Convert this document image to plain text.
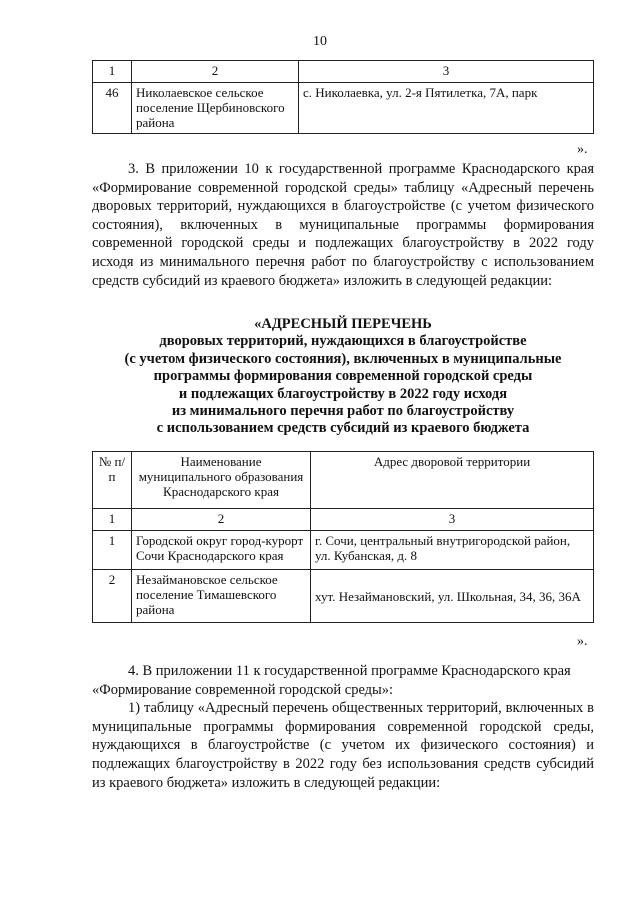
10
1	2	3
46	Николаевское сельское поселение Щербиновского района	с. Николаевка, ул. 2-я Пятилетка, 7А, парк
».
3. В приложении 10 к государственной программе Краснодарского края «Формирование современной городской среды» таблицу «Адресный перечень дворовых территорий, нуждающихся в благоустройстве (с учетом физического состояния), включенных в муниципальные программы формирования современной городской среды и подлежащих благоустройству в 2022 году исходя из минимального перечня работ по благоустройству с использованием средств субсидий из краевого бюджета» изложить в следующей редакции:
«АДРЕСНЫЙ ПЕРЕЧЕНЬ
дворовых территорий, нуждающихся в благоустройстве
(с учетом физического состояния), включенных в муниципальные
программы формирования современной городской среды
и подлежащих благоустройству в 2022 году исходя
из минимального перечня работ по благоустройству
с использованием средств субсидий из краевого бюджета
№ п/п	Наименование муниципального образования Краснодарского края	Адрес дворовой территории
1	2	3
1	Городской округ город-курорт Сочи Краснодарского края	г. Сочи, центральный внутригородской район, ул. Кубанская, д. 8
2	Незаймановское сельское поселение Тимашевского района	хут. Незаймановский, ул. Школьная, 34, 36, 36А
».
4. В приложении 11 к государственной программе Краснодарского края
«Формирование современной городской среды»:
1) таблицу «Адресный перечень общественных территорий, включенных в муниципальные программы формирования современной городской среды, нуждающихся в благоустройстве (с учетом их физического состояния) и подлежащих благоустройству в 2022 году без использования средств субсидий из краевого бюджета» изложить в следующей редакции:
